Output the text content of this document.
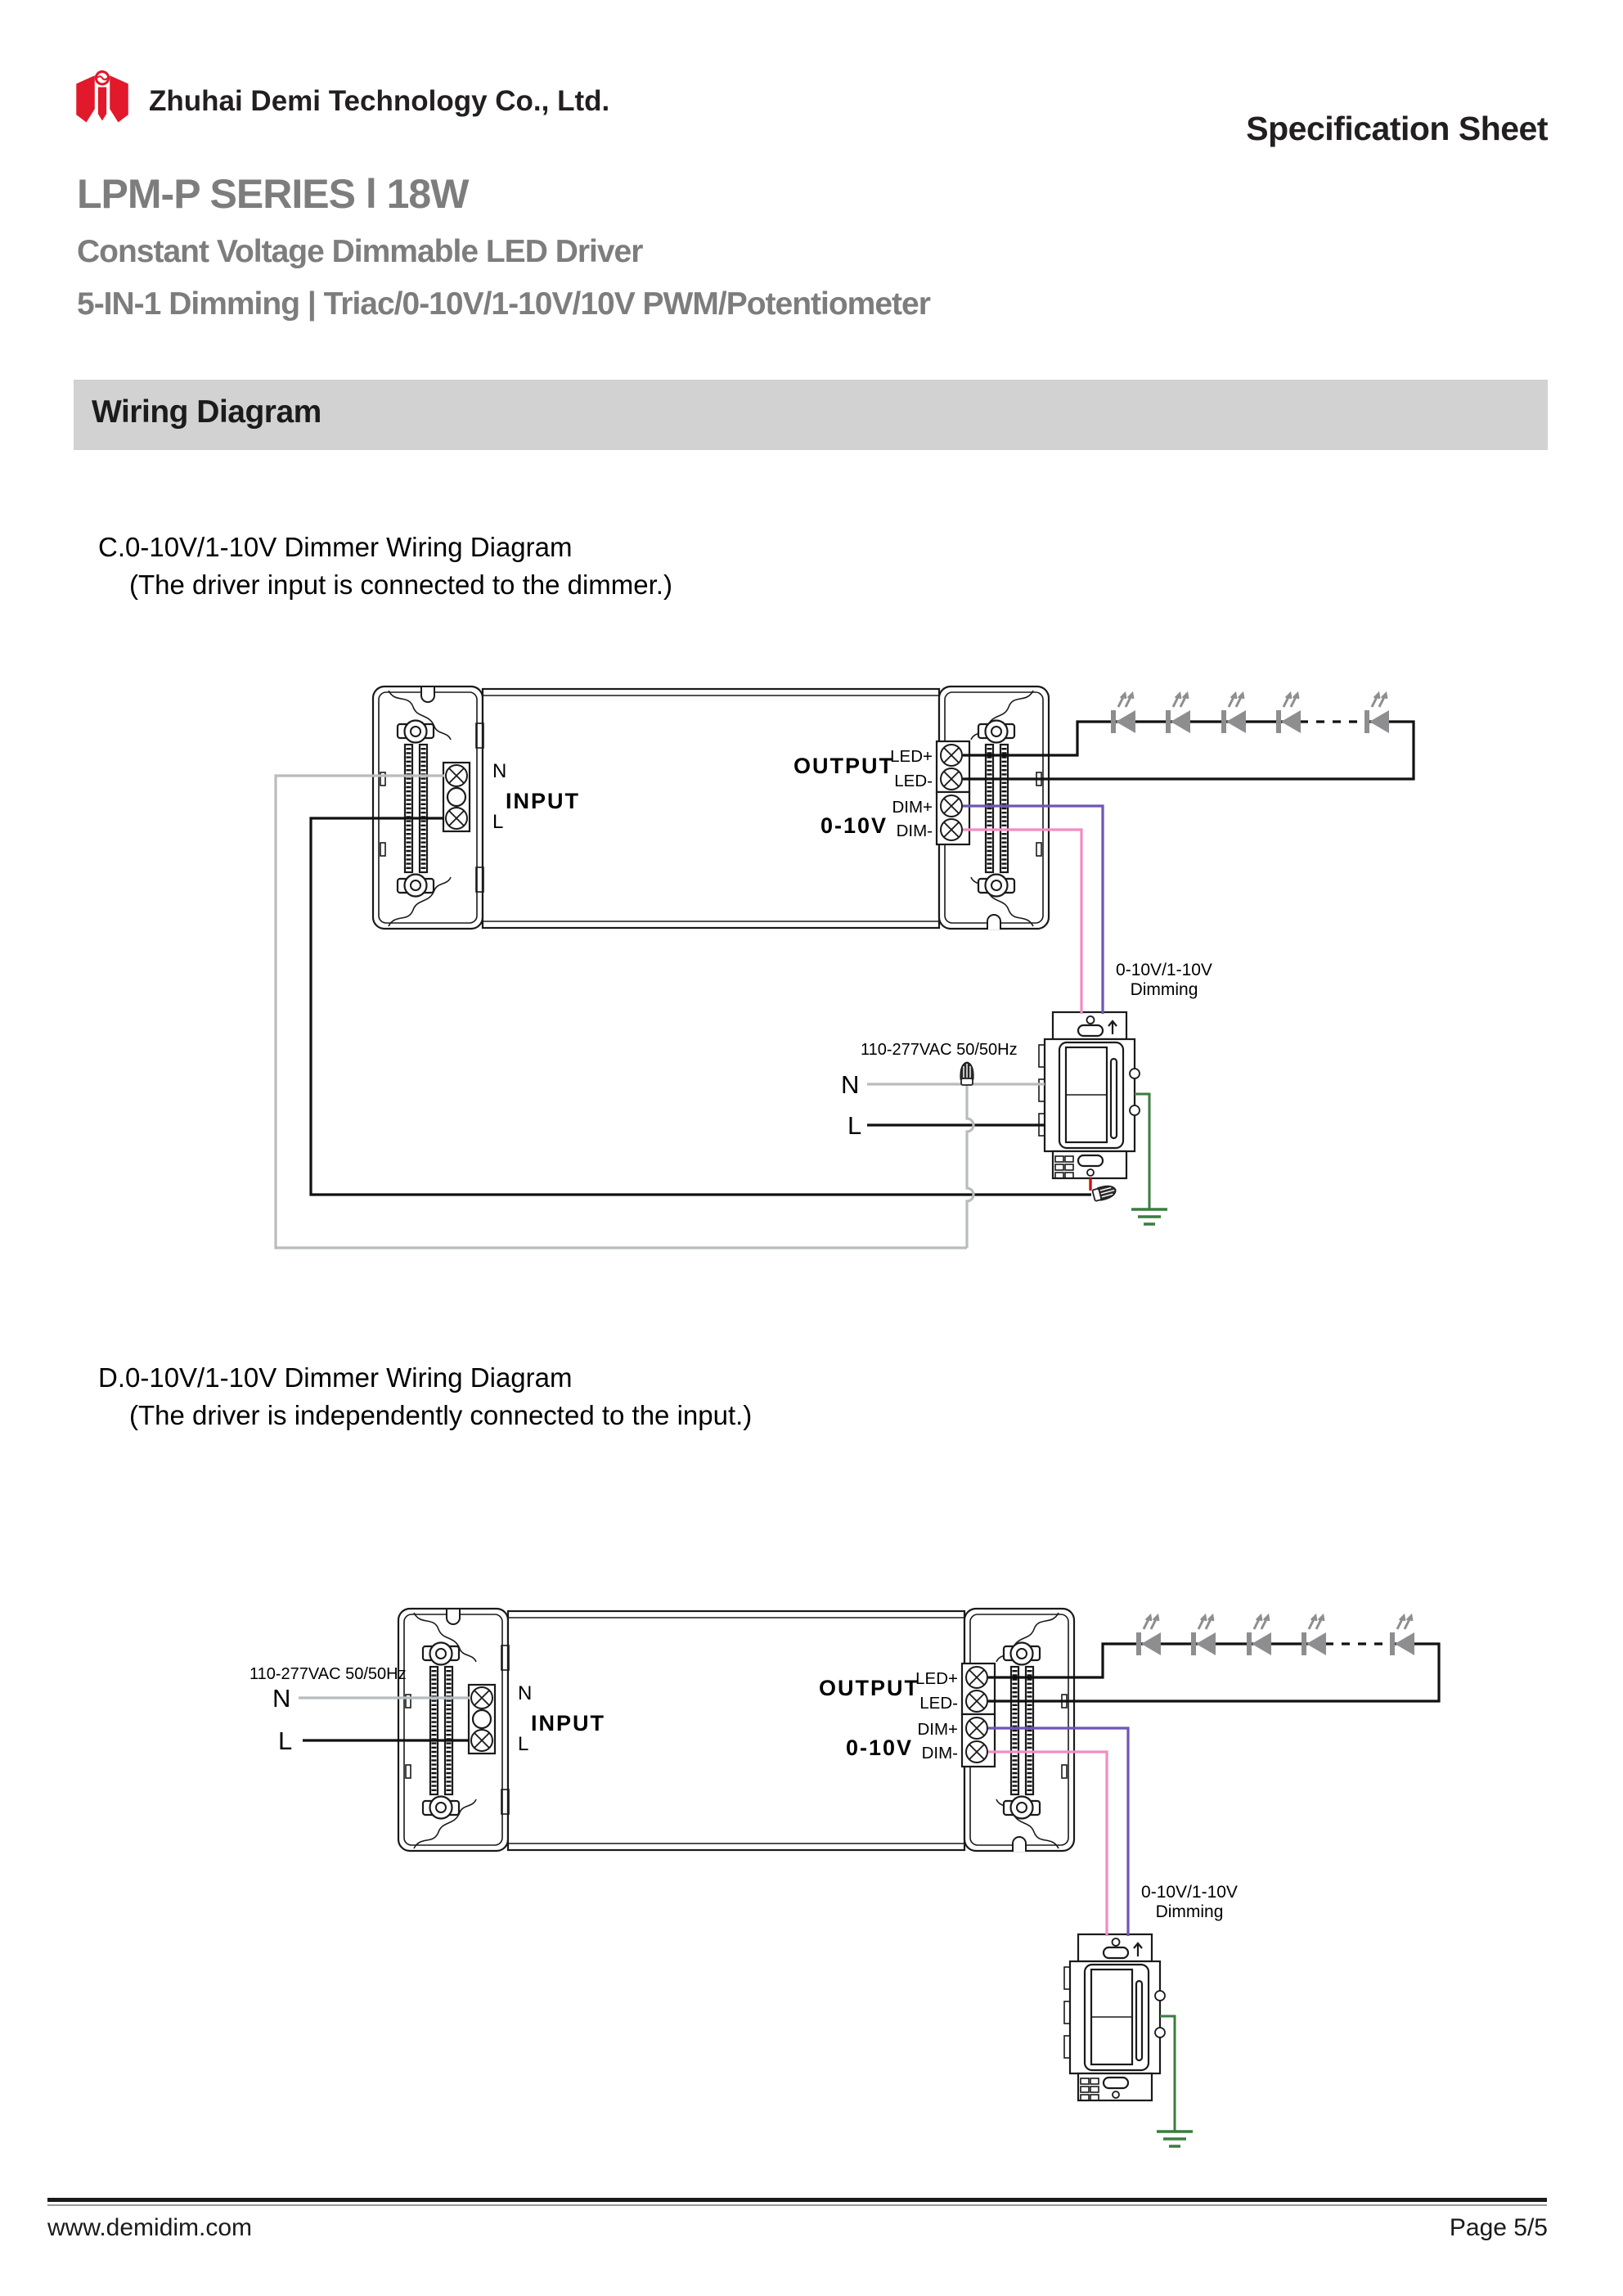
Zhuhai Demi Technology Co., Ltd.
Specification Sheet
LPM-P SERIES l 18W
Constant Voltage Dimmable LED Driver
5-IN-1 Dimming | Triac/0-10V/1-10V/10V PWM/Potentiometer
Wiring Diagram
C.0-10V/1-10V Dimmer Wiring Diagram
(The driver input is connected to the dimmer.)
N
INPUT
L
OUTPUT
LED+
LED-
0-10V
DIM+
DIM-
110-277VAC 50/50Hz
N
L
0-10V/1-10V
Dimming
D.0-10V/1-10V Dimmer Wiring Diagram
(The driver is independently connected to the input.)
N
INPUT
L
OUTPUT
LED+
LED-
0-10V
DIM+
DIM-
110-277VAC 50/50Hz
N
L
0-10V/1-10V
Dimming
www.demidim.com	Page 5/5
